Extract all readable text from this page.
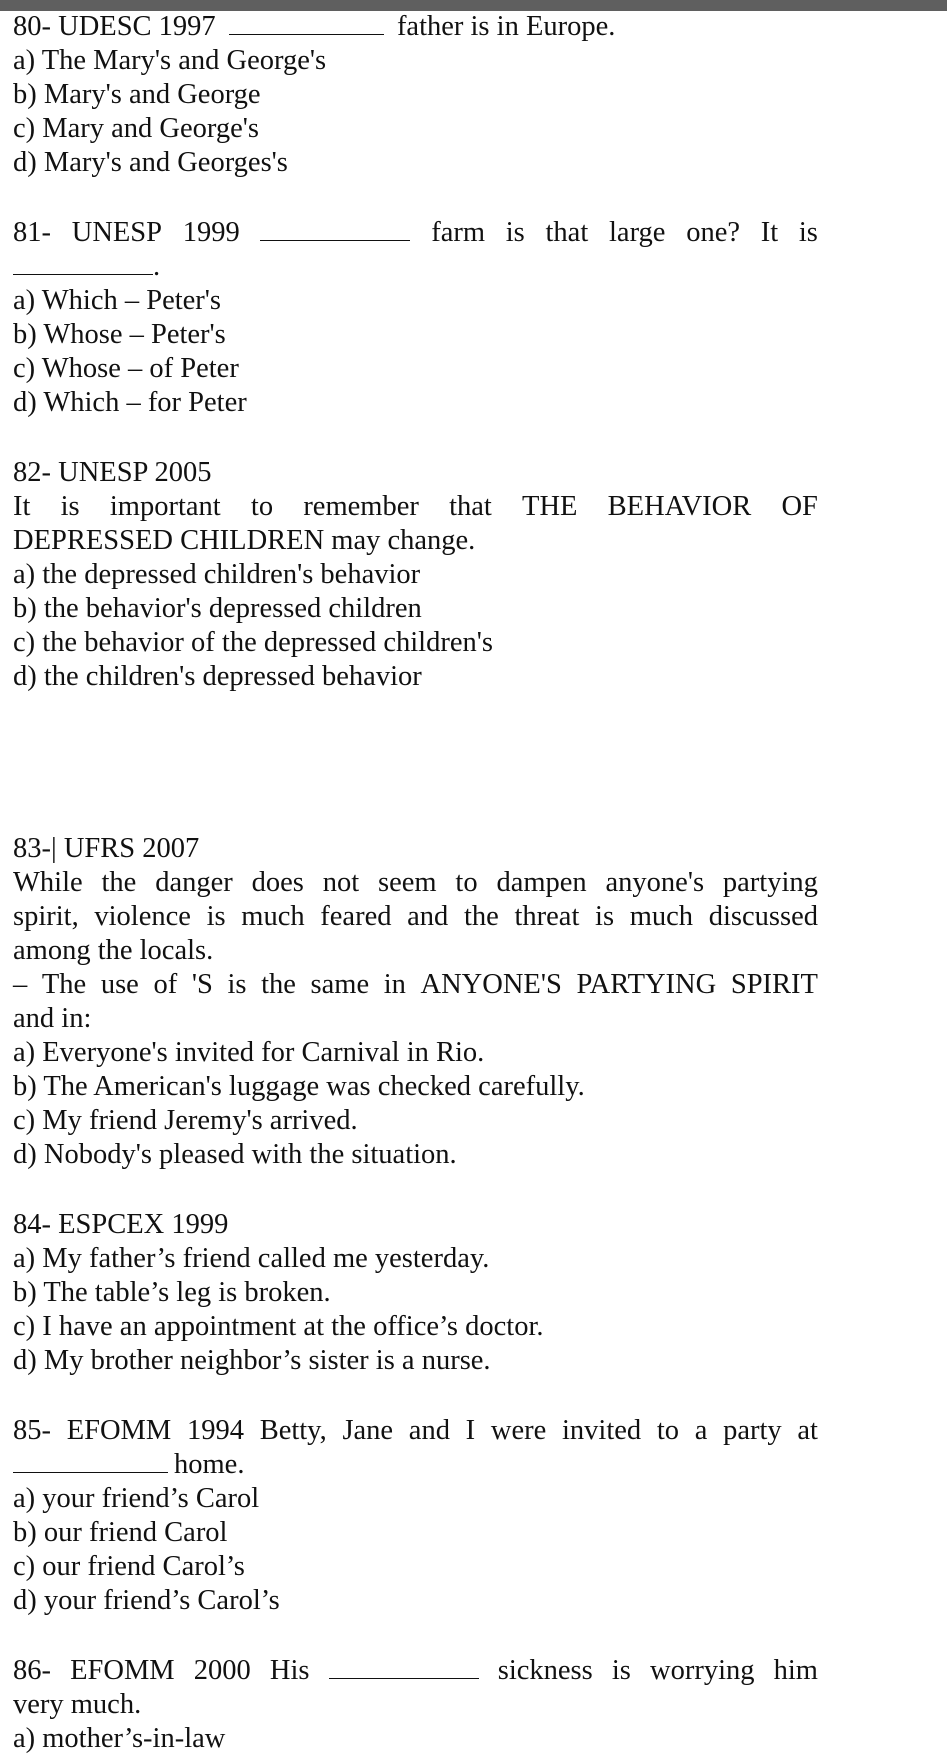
80- UDESC 1997	father is in Europe.
a) The Mary's and George's
b) Mary's and George
c) Mary and George's
d) Mary's and Georges's
81- UNESP 1999	farm is that large one? It is
.
a) Which – Peter's
b) Whose – Peter's
c) Whose – of Peter
d) Which – for Peter
82- UNESP 2005
It is important to remember that THE BEHAVIOR OF
DEPRESSED CHILDREN may change.
a) the depressed children's behavior
b) the behavior's depressed children
c) the behavior of the depressed children's
d) the children's depressed behavior
83-| UFRS 2007
While the danger does not seem to dampen anyone's partying
spirit, violence is much feared and the threat is much discussed
among the locals.
– The use of 'S is the same in ANYONE'S PARTYING SPIRIT
and in:
a) Everyone's invited for Carnival in Rio.
b) The American's luggage was checked carefully.
c) My friend Jeremy's arrived.
d) Nobody's pleased with the situation.
84- ESPCEX 1999
a) My father’s friend called me yesterday.
b) The table’s leg is broken.
c) I have an appointment at the office’s doctor.
d) My brother neighbor’s sister is a nurse.
85- EFOMM 1994 Betty, Jane and I were invited to a party at
home.
a) your friend’s Carol
b) our friend Carol
c) our friend Carol’s
d) your friend’s Carol’s
86- EFOMM 2000 His	sickness is worrying him
very much.
a) mother’s-in-law
